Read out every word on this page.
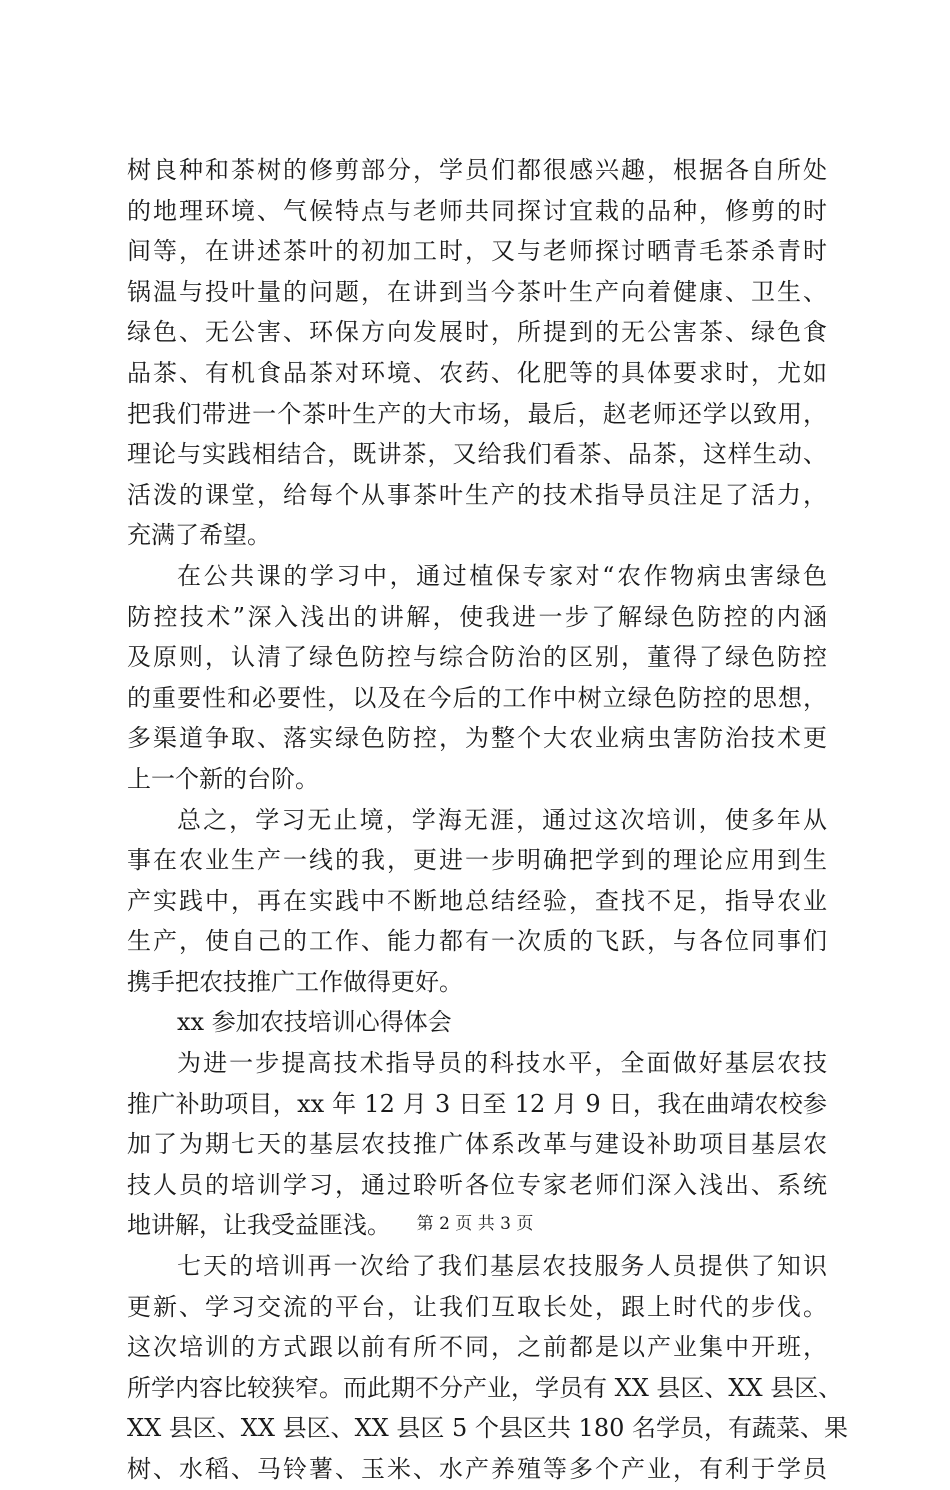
树良种和茶树的修剪部分，学员们都很感兴趣，根据各自所处
的地理环境、气候特点与老师共同探讨宜栽的品种，修剪的时
间等，在讲述茶叶的初加工时，又与老师探讨晒青毛茶杀青时
锅温与投叶量的问题，在讲到当今茶叶生产向着健康、卫生、
绿色、无公害、环保方向发展时，所提到的无公害茶、绿色食
品茶、有机食品茶对环境、农药、化肥等的具体要求时，尤如
把我们带进一个茶叶生产的大市场，最后，赵老师还学以致用，
理论与实践相结合，既讲茶，又给我们看茶、品茶，这样生动、
活泼的课堂，给每个从事茶叶生产的技术指导员注足了活力，
充满了希望。
在公共课的学习中，通过植保专家对“农作物病虫害绿色
防控技术”深入浅出的讲解，使我进一步了解绿色防控的内涵
及原则，认清了绿色防控与综合防治的区别，董得了绿色防控
的重要性和必要性，以及在今后的工作中树立绿色防控的思想，
多渠道争取、落实绿色防控，为整个大农业病虫害防治技术更
上一个新的台阶。
总之，学习无止境，学海无涯，通过这次培训，使多年从
事在农业生产一线的我，更进一步明确把学到的理论应用到生
产实践中，再在实践中不断地总结经验，查找不足，指导农业
生产，使自己的工作、能力都有一次质的飞跃，与各位同事们
携手把农技推广工作做得更好。
xx 参加农技培训心得体会
为进一步提高技术指导员的科技水平，全面做好基层农技
推广补助项目，xx 年 12 月 3 日至 12 月 9 日，我在曲靖农校参
加了为期七天的基层农技推广体系改革与建设补助项目基层农
技人员的培训学习，通过聆听各位专家老师们深入浅出、系统
地讲解，让我受益匪浅。
七天的培训再一次给了我们基层农技服务人员提供了知识
更新、学习交流的平台，让我们互取长处，跟上时代的步伐。
这次培训的方式跟以前有所不同，之前都是以产业集中开班，
所学内容比较狭窄。而此期不分产业，学员有 XX 县区、XX 县区、
XX 县区、XX 县区、XX 县区 5 个县区共 180 名学员，有蔬菜、果
树、水稻、马铃薯、玉米、水产养殖等多个产业，有利于学员
第 2 页 共 3 页
